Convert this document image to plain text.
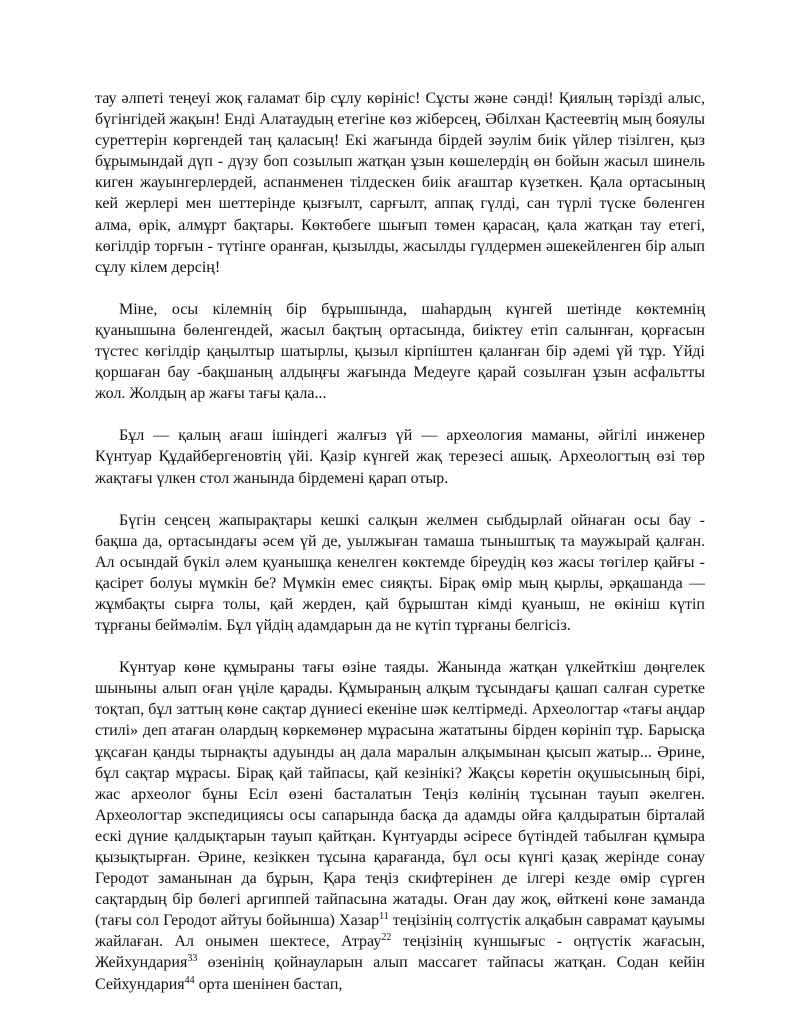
тау әлпеті теңеуі жоқ ғаламат бір сұлу көрініс! Сұсты және сәнді! Қиялың тәрізді алыс, бүгінгідей жақын! Енді Алатаудың етегіне көз жіберсең, Әбілхан Қастеевтің мың бояулы суреттерін көргендей таң қаласың! Екі жағында бірдей зәулім биік үйлер тізілген, қыз бұрымындай дүп - дүзу боп созылып жатқан ұзын көшелердің өн бойын жасыл шинель киген жауынгерлердей, аспанменен тілдескен биік ағаштар күзеткен. Қала ортасының кей жерлері мен шеттерінде қызғылт, сарғылт, аппақ гүлді, сан түрлі түске бөленген алма, өрік, алмұрт бақтары. Көктөбеге шығып төмен қарасаң, қала жатқан тау етегі, көгілдір торғын - түтінге оранған, қызылды, жасылды гүлдермен әшекейленген бір алып сұлу кілем дерсің!

Міне, осы кілемнің бір бұрышында, шаһардың күнгей шетінде көктемнің қуанышына бөленгендей, жасыл бақтың ортасында, биіктеу етіп салынған, қорғасын түстес көгілдір қаңылтыр шатырлы, қызыл кірпіштен қаланған бір әдемі үй тұр. Үйді қоршаған бау -бақшаның алдыңғы жағында Медеуге қарай созылған ұзын асфальтты жол. Жолдың ар жағы тағы қала...

Бұл — қалың ағаш ішіндегі жалғыз үй — археология маманы, әйгілі инженер Күнтуар Құдайбергеновтің үйі. Қазір күнгей жақ терезесі ашық. Археологтың өзі төр жақтағы үлкен стол жанында бірдемені қарап отыр.

Бүгін сеңсең жапырақтары кешкі салқын желмен сыбдырлай ойнаған осы бау - бақша да, ортасындағы әсем үй де, уылжыған тамаша тыныштық та маужырай қалған. Ал осындай бүкіл әлем қуанышқа кенелген көктемде біреудің көз жасы төгілер қайғы - қасірет болуы мүмкін бе? Мүмкін емес сияқты. Бірақ өмір мың қырлы, әрқашанда — жұмбақты сырға толы, қай жерден, қай бұрыштан кімді қуаныш, не өкініш күтіп тұрғаны беймәлім. Бұл үйдің адамдарын да не күтіп тұрғаны белгісіз.

Күнтуар көне құмыраны тағы өзіне таяды. Жанында жатқан үлкейткіш дөңгелек шыныны алып оған үңіле қарады. Құмыраның алқым тұсындағы қашап салған суретке тоқтап, бұл заттың көне сақтар дүниесі екеніне шәк келтірмеді. Археологтар «тағы аңдар стилі» деп атаған олардың көркемөнер мұрасына жататыны бірден көрініп тұр. Барысқа ұқсаған қанды тырнақты адуынды аң дала маралын алқымынан қысып жатыр... Әрине, бұл сақтар мұрасы. Бірақ қай тайпасы, қай кезінікі? Жақсы көретін оқушысының бірі, жас археолог бұны Есіл өзені басталатын Теңіз көлінің тұсынан тауып әкелген. Археологтар экспедициясы осы сапарында басқа да адамды ойға қалдыратын бірталай ескі дүние қалдықтарын тауып қайтқан. Күнтуарды әсіресе бүтіндей табылған құмыра қызықтырған. Әрине, кезіккен тұсына қарағанда, бұл осы күнгі қазақ жерінде сонау Геродот заманынан да бұрын, Қара теңіз скифтерінен де ілгері кезде өмір сүрген сақтардың бір бөлегі аргиппей тайпасына жатады. Оған дау жоқ, өйткені көне заманда (тағы сол Геродот айтуы бойынша) Хазар$^{11}$ теңізінің солтүстік алқабын саврамат қауымы жайлаған. Ал онымен шектесе, Атрау$^{22}$ теңізінің күншығыс - оңтүстік жағасын, Жейхундария$^{33}$ өзенінің қойнауларын алып массагет тайпасы жатқан. Содан кейін Сейхундария$^{44}$ орта шенінен бастап,
